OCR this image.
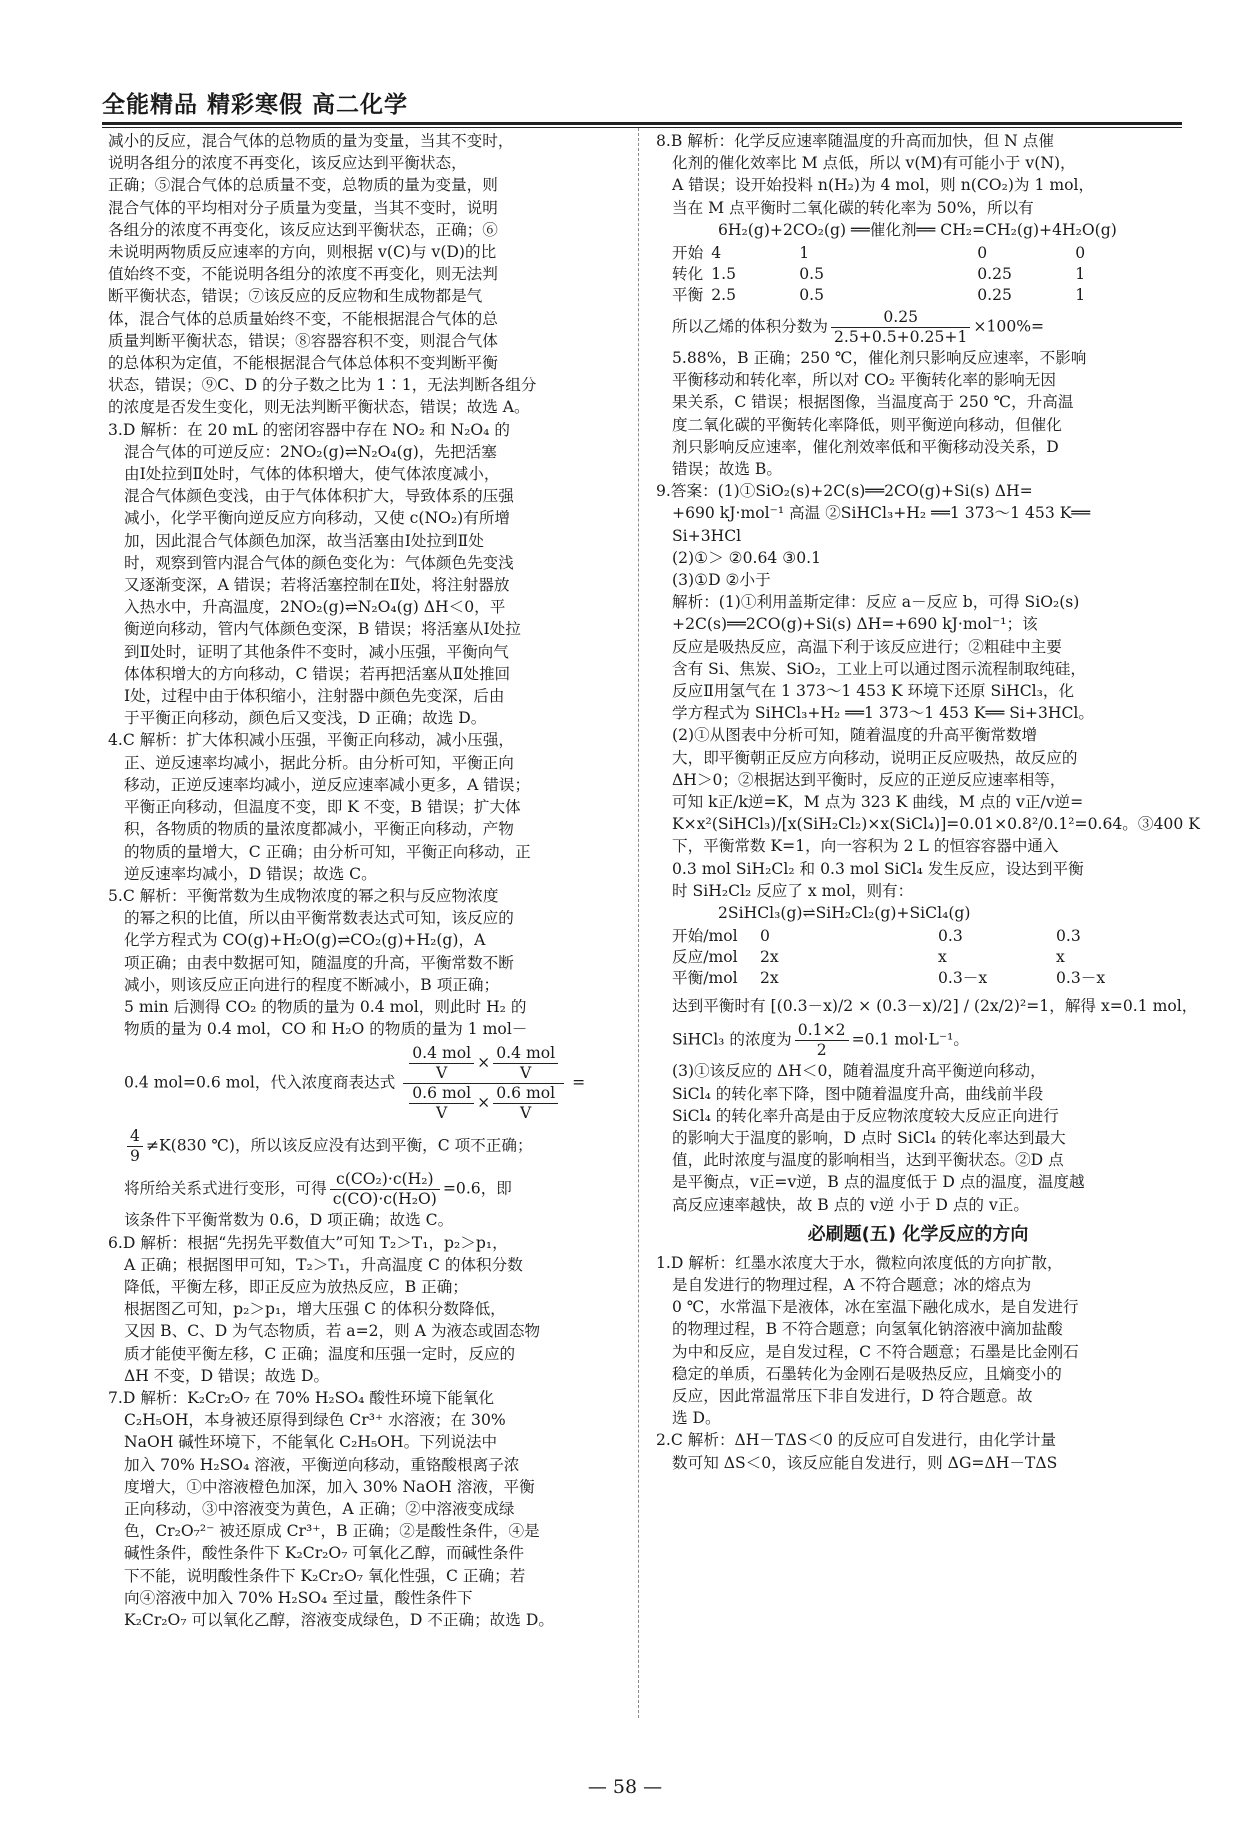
全能精品 精彩寒假 高二化学

减小的反应，混合气体的总物质的量为变量，当其不变时，

说明各组分的浓度不再变化，该反应达到平衡状态，

正确；⑤混合气体的总质量不变，总物质的量为变量，则

混合气体的平均相对分子质量为变量，当其不变时，说明

各组分的浓度不再变化，该反应达到平衡状态，正确；⑥

未说明两物质反应速率的方向，则根据 v(C)与 v(D)的比

值始终不变，不能说明各组分的浓度不再变化，则无法判

断平衡状态，错误；⑦该反应的反应物和生成物都是气

体，混合气体的总质量始终不变，不能根据混合气体的总

质量判断平衡状态，错误；⑧容器容积不变，则混合气体

的总体积为定值，不能根据混合气体总体积不变判断平衡

状态，错误；⑨C、D 的分子数之比为 1∶1，无法判断各组分

的浓度是否发生变化，则无法判断平衡状态，错误；故选 A。

3.D 解析：在 20 mL 的密闭容器中存在 NO₂ 和 N₂O₄ 的

混合气体的可逆反应：2NO₂(g)⇌N₂O₄(g)，先把活塞

由Ⅰ处拉到Ⅱ处时，气体的体积增大，使气体浓度减小，

混合气体颜色变浅，由于气体体积扩大，导致体系的压强

减小，化学平衡向逆反应方向移动，又使 c(NO₂)有所增

加，因此混合气体颜色加深，故当活塞由Ⅰ处拉到Ⅱ处

时，观察到管内混合气体的颜色变化为：气体颜色先变浅

又逐渐变深，A 错误；若将活塞控制在Ⅱ处，将注射器放

入热水中，升高温度，2NO₂(g)⇌N₂O₄(g) ΔH＜0，平

衡逆向移动，管内气体颜色变深，B 错误；将活塞从Ⅰ处拉

到Ⅱ处时，证明了其他条件不变时，减小压强，平衡向气

体体积增大的方向移动，C 错误；若再把活塞从Ⅱ处推回

Ⅰ处，过程中由于体积缩小，注射器中颜色先变深，后由

于平衡正向移动，颜色后又变浅，D 正确；故选 D。

4.C 解析：扩大体积减小压强，平衡正向移动，减小压强，

正、逆反速率均减小，据此分析。由分析可知，平衡正向

移动，正逆反速率均减小，逆反应速率减小更多，A 错误；

平衡正向移动，但温度不变，即 K 不变，B 错误；扩大体

积，各物质的物质的量浓度都减小，平衡正向移动，产物

的物质的量增大，C 正确；由分析可知，平衡正向移动，正

逆反速率均减小，D 错误；故选 C。

5.C 解析：平衡常数为生成物浓度的幂之积与反应物浓度

的幂之积的比值，所以由平衡常数表达式可知，该反应的

化学方程式为 CO(g)+H₂O(g)⇌CO₂(g)+H₂(g)，A

项正确；由表中数据可知，随温度的升高，平衡常数不断

减小，则该反应正向进行的程度不断减小，B 项正确；

5 min 后测得 CO₂ 的物质的量为 0.4 mol，则此时 H₂ 的

物质的量为 0.4 mol，CO 和 H₂O 的物质的量为 1 mol－

0.4 mol=0.6 mol，代入浓度商表达式 $\frac{\frac{\text{0.4 mol}}{V} \times \frac{\text{0.4 mol}}{V}}{\frac{\text{0.6 mol}}{V} \times \frac{\text{0.6 mol}}{V}}$ =
$\frac{4}{9} \ne K(830$ ℃)，所以该反应没有达到平衡，C 项不正确；
将所给关系式进行变形，可得 $\frac{\text{c(CO₂)·c(H₂)}}{\text{c(CO)·c(H₂O)}} =0.6$，即

该条件下平衡常数为 0.6，D 项正确；故选 C。

6.D 解析：根据“先拐先平数值大”可知 T₂＞T₁，p₂＞p₁，

A 正确；根据图甲可知，T₂＞T₁，升高温度 C 的体积分数

降低，平衡左移，即正反应为放热反应，B 正确；

根据图乙可知，p₂＞p₁，增大压强 C 的体积分数降低，

又因 B、C、D 为气态物质，若 a=2，则 A 为液态或固态物

质才能使平衡左移，C 正确；温度和压强一定时，反应的

ΔH 不变，D 错误；故选 D。

7.D 解析：K₂Cr₂O₇ 在 70% H₂SO₄ 酸性环境下能氧化

C₂H₅OH，本身被还原得到绿色 Cr³⁺ 水溶液；在 30%

NaOH 碱性环境下，不能氧化 C₂H₅OH。下列说法中

加入 70% H₂SO₄ 溶液，平衡逆向移动，重铬酸根离子浓

度增大，①中溶液橙色加深，加入 30% NaOH 溶液，平衡

正向移动，③中溶液变为黄色，A 正确；②中溶液变成绿

色，Cr₂O₇²⁻ 被还原成 Cr³⁺，B 正确；②是酸性条件，④是

碱性条件，酸性条件下 K₂Cr₂O₇ 可氧化乙醇，而碱性条件

下不能，说明酸性条件下 K₂Cr₂O₇ 氧化性强，C 正确；若

向④溶液中加入 70% H₂SO₄ 至过量，酸性条件下

K₂Cr₂O₇ 可以氧化乙醇，溶液变成绿色，D 不正确；故选 D。

8.B 解析：化学反应速率随温度的升高而加快，但 N 点催

化剂的催化效率比 M 点低，所以 v(M)有可能小于 v(N)，

A 错误；设开始投料 n(H₂)为 4 mol，则 n(CO₂)为 1 mol，

当在 M 点平衡时二氧化碳的转化率为 50%，所以有

6H₂(g)+2CO₂(g) ══催化剂══ CH₂=CH₂(g)+4H₂O(g)

开始	4	1	0	0
转化	1.5	0.5	0.25	1
平衡	2.5	0.5	0.25	1
所以乙烯的体积分数为 $\frac{0.25}{2.5+0.5+0.25+1} \times 100\%=$

5.88%，B 正确；250 ℃，催化剂只影响反应速率，不影响

平衡移动和转化率，所以对 CO₂ 平衡转化率的影响无因

果关系，C 错误；根据图像，当温度高于 250 ℃，升高温

度二氧化碳的平衡转化率降低，则平衡逆向移动，但催化

剂只影响反应速率，催化剂效率低和平衡移动没关系，D

错误；故选 B。

9.答案：(1)①SiO₂(s)+2C(s)══2CO(g)+Si(s) ΔH=

+690 kJ·mol⁻¹ 高温 ②SiHCl₃+H₂ ══1 373～1 453 K══

Si+3HCl

(2)①＞ ②0.64 ③0.1

(3)①D ②小于

解析：(1)①利用盖斯定律：反应 a－反应 b，可得 SiO₂(s)

+2C(s)══2CO(g)+Si(s) ΔH=+690 kJ·mol⁻¹；该

反应是吸热反应，高温下利于该反应进行；②粗硅中主要

含有 Si、焦炭、SiO₂，工业上可以通过图示流程制取纯硅，

反应Ⅱ用氢气在 1 373～1 453 K 环境下还原 SiHCl₃，化

学方程式为 SiHCl₃+H₂ ══1 373～1 453 K══ Si+3HCl。

(2)①从图表中分析可知，随着温度的升高平衡常数增

大，即平衡朝正反应方向移动，说明正反应吸热，故反应的

ΔH＞0；②根据达到平衡时，反应的正逆反应速率相等，

可知 k正/k逆=K，M 点为 323 K 曲线，M 点的 v正/v逆=

K×x²(SiHCl₃)/[x(SiH₂Cl₂)×x(SiCl₄)]=0.01×0.8²/0.1²=0.64。③400 K

下，平衡常数 K=1，向一容积为 2 L 的恒容容器中通入

0.3 mol SiH₂Cl₂ 和 0.3 mol SiCl₄ 发生反应，设达到平衡

时 SiH₂Cl₂ 反应了 x mol，则有：

2SiHCl₃(g)⇌SiH₂Cl₂(g)+SiCl₄(g)

开始/mol	0	0.3	0.3
反应/mol	2x	x	x
平衡/mol	2x	0.3－x	0.3－x

达到平衡时有 [(0.3－x)/2 × (0.3－x)/2] / (2x/2)²=1，解得 x=0.1 mol，

SiHCl₃ 的浓度为 $\frac{0.1\times 2}{2} =0.1$ mol·L⁻¹。

(3)①该反应的 ΔH＜0，随着温度升高平衡逆向移动，

SiCl₄ 的转化率下降，图中随着温度升高，曲线前半段

SiCl₄ 的转化率升高是由于反应物浓度较大反应正向进行

的影响大于温度的影响，D 点时 SiCl₄ 的转化率达到最大

值，此时浓度与温度的影响相当，达到平衡状态。②D 点

是平衡点，v正=v逆，B 点的温度低于 D 点的温度，温度越

高反应速率越快，故 B 点的 v逆 小于 D 点的 v正。

必刷题(五) 化学反应的方向

1.D 解析：红墨水浓度大于水，微粒向浓度低的方向扩散，

是自发进行的物理过程，A 不符合题意；冰的熔点为

0 ℃，水常温下是液体，冰在室温下融化成水，是自发进行

的物理过程，B 不符合题意；向氢氧化钠溶液中滴加盐酸

为中和反应，是自发过程，C 不符合题意；石墨是比金刚石

稳定的单质，石墨转化为金刚石是吸热反应，且熵变小的

反应，因此常温常压下非自发进行，D 符合题意。故

选 D。

2.C 解析：ΔH－TΔS＜0 的反应可自发进行，由化学计量

数可知 ΔS＜0，该反应能自发进行，则 ΔG=ΔH－TΔS

— 58 —
